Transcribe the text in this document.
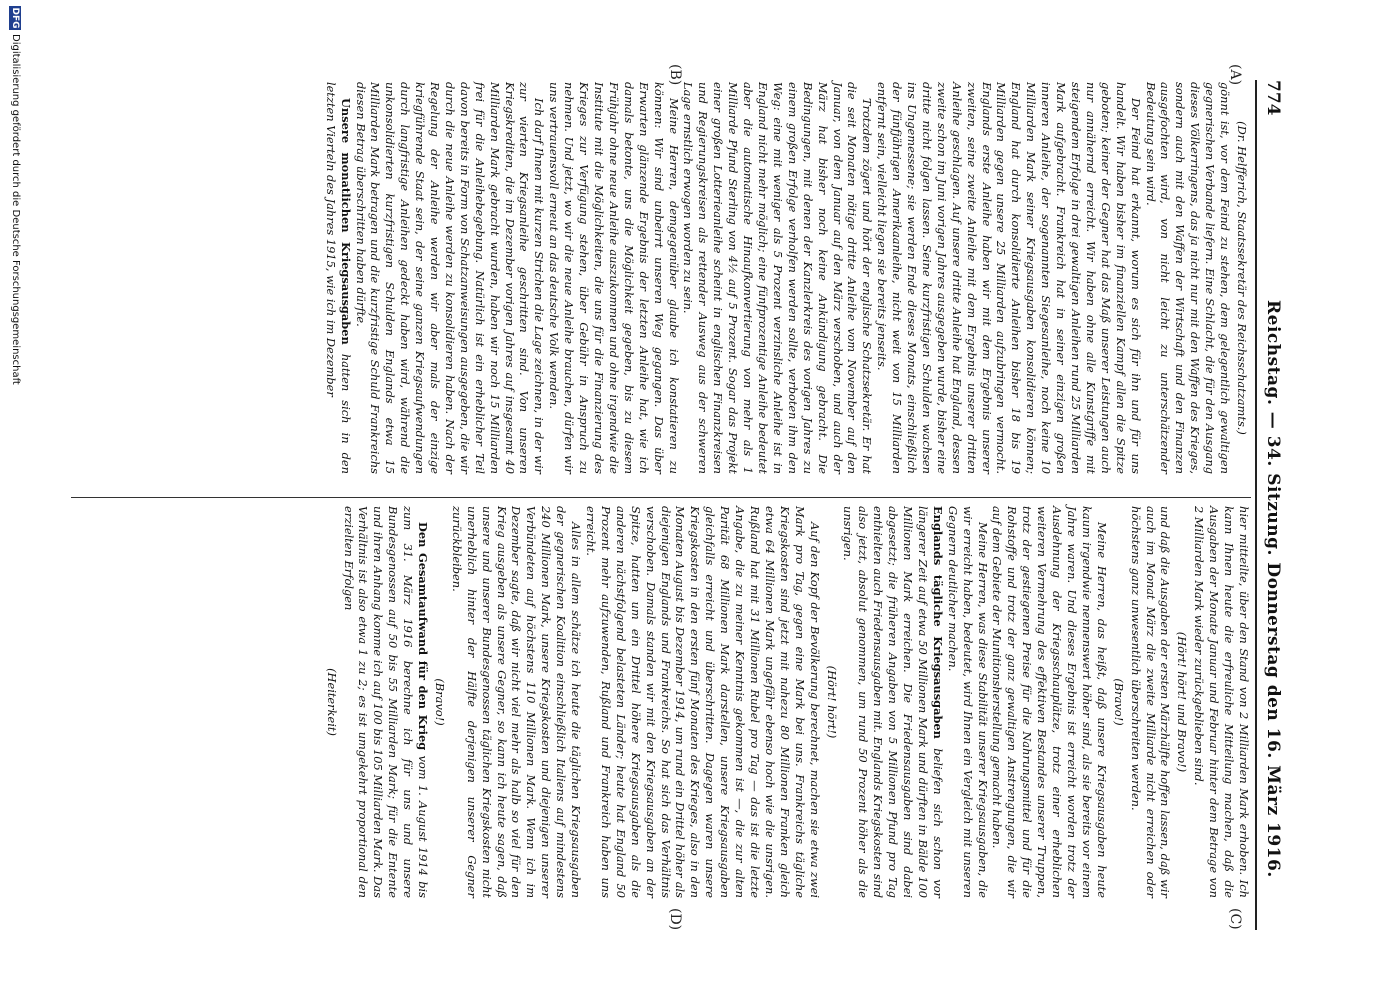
774
Reichstag. — 34. Sitzung. Donnerstag den 16. März 1916.
(A)
(B)
(C)
(D)

(Dr. Helfferich, Staatssekretär des Reichsschatzamts.)

gönnt ist, vor dem Feind zu stehen, dem gelegentlich gewaltigen gegnerischen Verbande liefern. Eine Schlacht, die für den Ausgang dieses Völkerringens, das ja nicht nur mit den Waffen des Krieges, sondern auch mit den Waffen der Wirtschaft und den Finanzen ausgefochten wird, von nicht leicht zu unterschätzender Bedeutung sein wird.

Der Feind hat erkannt, worum es sich für ihn und für uns handelt. Wir haben bisher im finanziellen Kampf allen die Spitze geboten; keiner der Gegner hat das Maß unserer Leistungen auch nur annähernd erreicht. Wir haben ohne alle Kunstgriffe mit steigendem Erfolge in drei gewaltigen Anleihen rund 25 Milliarden Mark aufgebracht. Frankreich hat in seiner einzigen großen inneren Anleihe, der sogenannten Siegesanleihe, noch keine 10 Milliarden Mark seiner Kriegsausgaben konsolidieren können; England hat durch konsolidierte Anleihen bisher 18 bis 19 Milliarden gegen unsere 25 Milliarden aufzubringen vermocht. Englands erste Anleihe haben wir mit dem Ergebnis unserer zweiten, seine zweite Anleihe mit dem Ergebnis unserer dritten Anleihe geschlagen. Auf unsere dritte Anleihe hat England, dessen zweite schon im Juni vorigen Jahres ausgegeben wurde, bisher eine dritte nicht folgen lassen. Seine kurzfristigen Schulden wachsen ins Ungemessene; sie werden Ende dieses Monats, einschließlich der fünfjährigen Amerikaanleihe, nicht weit von 15 Milliarden entfernt sein, vielleicht liegen sie bereits jenseits.

Trotzdem zögert und hört der englische Schatzsekretär. Er hat die seit Monaten nötige dritte Anleihe vom November auf den Januar, von dem Januar auf den März verschoben, und auch der März hat bisher noch keine Ankündigung gebracht. Die Bedingungen, mit denen der Kanzlerkreis des vorigen Jahres zu einem großen Erfolge verholfen werden sollte, verboten ihm den Weg: eine mit weniger als 5 Prozent verzinsliche Anleihe ist in England nicht mehr möglich; eine fünfprozentige Anleihe bedeutet aber die automatische Hinaufkonvertierung von mehr als 1 Milliarde Pfund Sterling von 4½ auf 5 Prozent. Sogar das Projekt einer großen Lotterieanleihe scheint in englischen Finanzkreisen und Regierungskreisen als rettender Ausweg aus der schweren Lage ernstlich erwogen worden zu sein.

Meine Herren, demgegenüber glaube ich konstatieren zu können: Wir sind unbeirrt unseren Weg gegangen. Das über Erwarten glänzende Ergebnis der letzten Anleihe hat, wie ich damals betonte, uns die Möglichkeit gegeben, bis zu diesem Frühjahr ohne neue Anleihe auszukommen und ohne irgendwie die Institute mit die Möglichkeiten, die uns für die Finanzierung des Krieges zur Verfügung stehen, über Gebühr in Anspruch zu nehmen. Und jetzt, wo wir die neue Anleihe brauchen, dürfen wir uns vertrauensvoll erneut an das deutsche Volk wenden.

Ich darf Ihnen mit kurzen Strichen die Lage zeichnen, in der wir zur vierten Kriegsanleihe geschritten sind. Von unseren Kriegskrediten, die im Dezember vorigen Jahres auf insgesamt 40 Milliarden Mark gebracht wurden, haben wir noch 15 Milliarden frei für die Anleihebegebung. Natürlich ist ein erheblicher Teil davon bereits in Form von Schatzanweisungen ausgegeben, die wir durch die neue Anleihe werden zu konsolidieren haben. Nach der Regelung der Anleihe werden wir aber mals der einzige kriegführende Staat sein, der seine ganzen Kriegsaufwendungen durch langfristige Anleihen gedeckt haben wird, während die unkonsolidierten kurzfristigen Schulden Englands etwa 15 Milliarden Mark betragen und die kurzfristige Schuld Frankreichs diesen Betrag überschritten haben dürfte.

Unsere monatlichen Kriegsausgaben hatten sich in den letzten Vierteln des Jahres 1915, wie ich im Dezember

hier mitteilte, über den Stand von 2 Milliarden Mark erhoben. Ich kann Ihnen heute die erfreuliche Mitteilung machen, daß die Ausgaben der Monate Januar und Februar hinter dem Betrage von 2 Milliarden Mark wieder zurückgeblieben sind.

(Hört! hört! und Bravo!)

und daß die Ausgaben der ersten Märzhälfte hoffen lassen, daß wir auch im Monat März die zweite Milliarde nicht erreichen oder höchstens ganz unwesentlich überschreiten werden.

(Bravo!)

Meine Herren, das heißt, daß unsere Kriegsausgaben heute kaum irgendwie nennenswert höher sind, als sie bereits vor einem Jahre waren. Und dieses Ergebnis ist erreicht worden trotz der Ausdehnung der Kriegsschauplätze, trotz einer erheblichen weiteren Vermehrung des effektiven Bestandes unserer Truppen, trotz der gestiegenen Preise für die Nahrungsmittel und für die Rohstoffe und trotz der ganz gewaltigen Anstrengungen, die wir auf dem Gebiete der Munitionsherstellung gemacht haben.

Meine Herren, was diese Stabilität unserer Kriegsausgaben, die wir erreicht haben, bedeutet, wird Ihnen ein Vergleich mit unseren Gegnern deutlicher machen.

Englands tägliche Kriegsausgaben beliefen sich schon vor längerer Zeit auf etwa 50 Millionen Mark und dürften in Bälde 100 Millionen Mark erreichen. Die Friedensausgaben sind dabei abgesetzt; die früheren Angaben von 5 Millionen Pfund pro Tag enthielten auch Friedensausgaben mit. Englands Kriegskosten sind also jetzt, absolut genommen, um rund 50 Prozent höher als die unsrigen.

(Hört! hört!)

Auf den Kopf der Bevölkerung berechnet, machen sie etwa zwei Mark pro Tag, gegen eine Mark bei uns. Frankreichs tägliche Kriegskosten sind jetzt mit nahezu 80 Millionen Franken gleich etwa 64 Millionen Mark ungefähr ebenso hoch wie die unsrigen. Rußland hat mit 31 Millionen Rubel pro Tag — das ist die letzte Angabe, die zu meiner Kenntnis gekommen ist —, die zur alten Parität 68 Millionen Mark darstellen, unsere Kriegsausgaben gleichfalls erreicht und überschritten. Dagegen waren unsere Kriegskosten in den ersten fünf Monaten des Krieges, also in den Monaten August bis Dezember 1914, um rund ein Drittel höher als diejenigen Englands und Frankreichs. So hat sich das Verhältnis verschoben. Damals standen wir mit den Kriegsausgaben an der Spitze, hatten um ein Drittel höhere Kriegsausgaben als die anderen nächstfolgend belasteten Länder; heute hat England 50 Prozent mehr aufzuwenden, Rußland und Frankreich haben uns erreicht.

Alles in allem schätze ich heute die täglichen Kriegsausgaben der gegnerischen Koalition einschließlich Italiens auf mindestens 240 Millionen Mark, unsere Kriegskosten und diejenigen unserer Verbündeten auf höchstens 110 Millionen Mark. Wenn ich im Dezember sagte, daß wir nicht viel mehr als halb so viel für den Krieg ausgeben als unsere Gegner, so kann ich heute sagen, daß unsere und unserer Bundesgenossen täglichen Kriegskosten nicht unerheblich hinter der Hälfte derjenigen unserer Gegner zurückbleiben.

(Bravo!)

Den Gesamtaufwand für den Krieg vom 1. August 1914 bis zum 31. März 1916 berechne ich für uns und unsere Bundesgenossen auf 50 bis 55 Milliarden Mark; für die Entente und ihren Anhang komme ich auf 100 bis 105 Milliarden Mark. Das Verhältnis ist also etwa 1 zu 2; es ist umgekehrt proportional den erzielten Erfolgen

(Heiterkeit)

DFG
Digitalisierung gefördert durch die Deutsche Forschungsgemeinschaft
